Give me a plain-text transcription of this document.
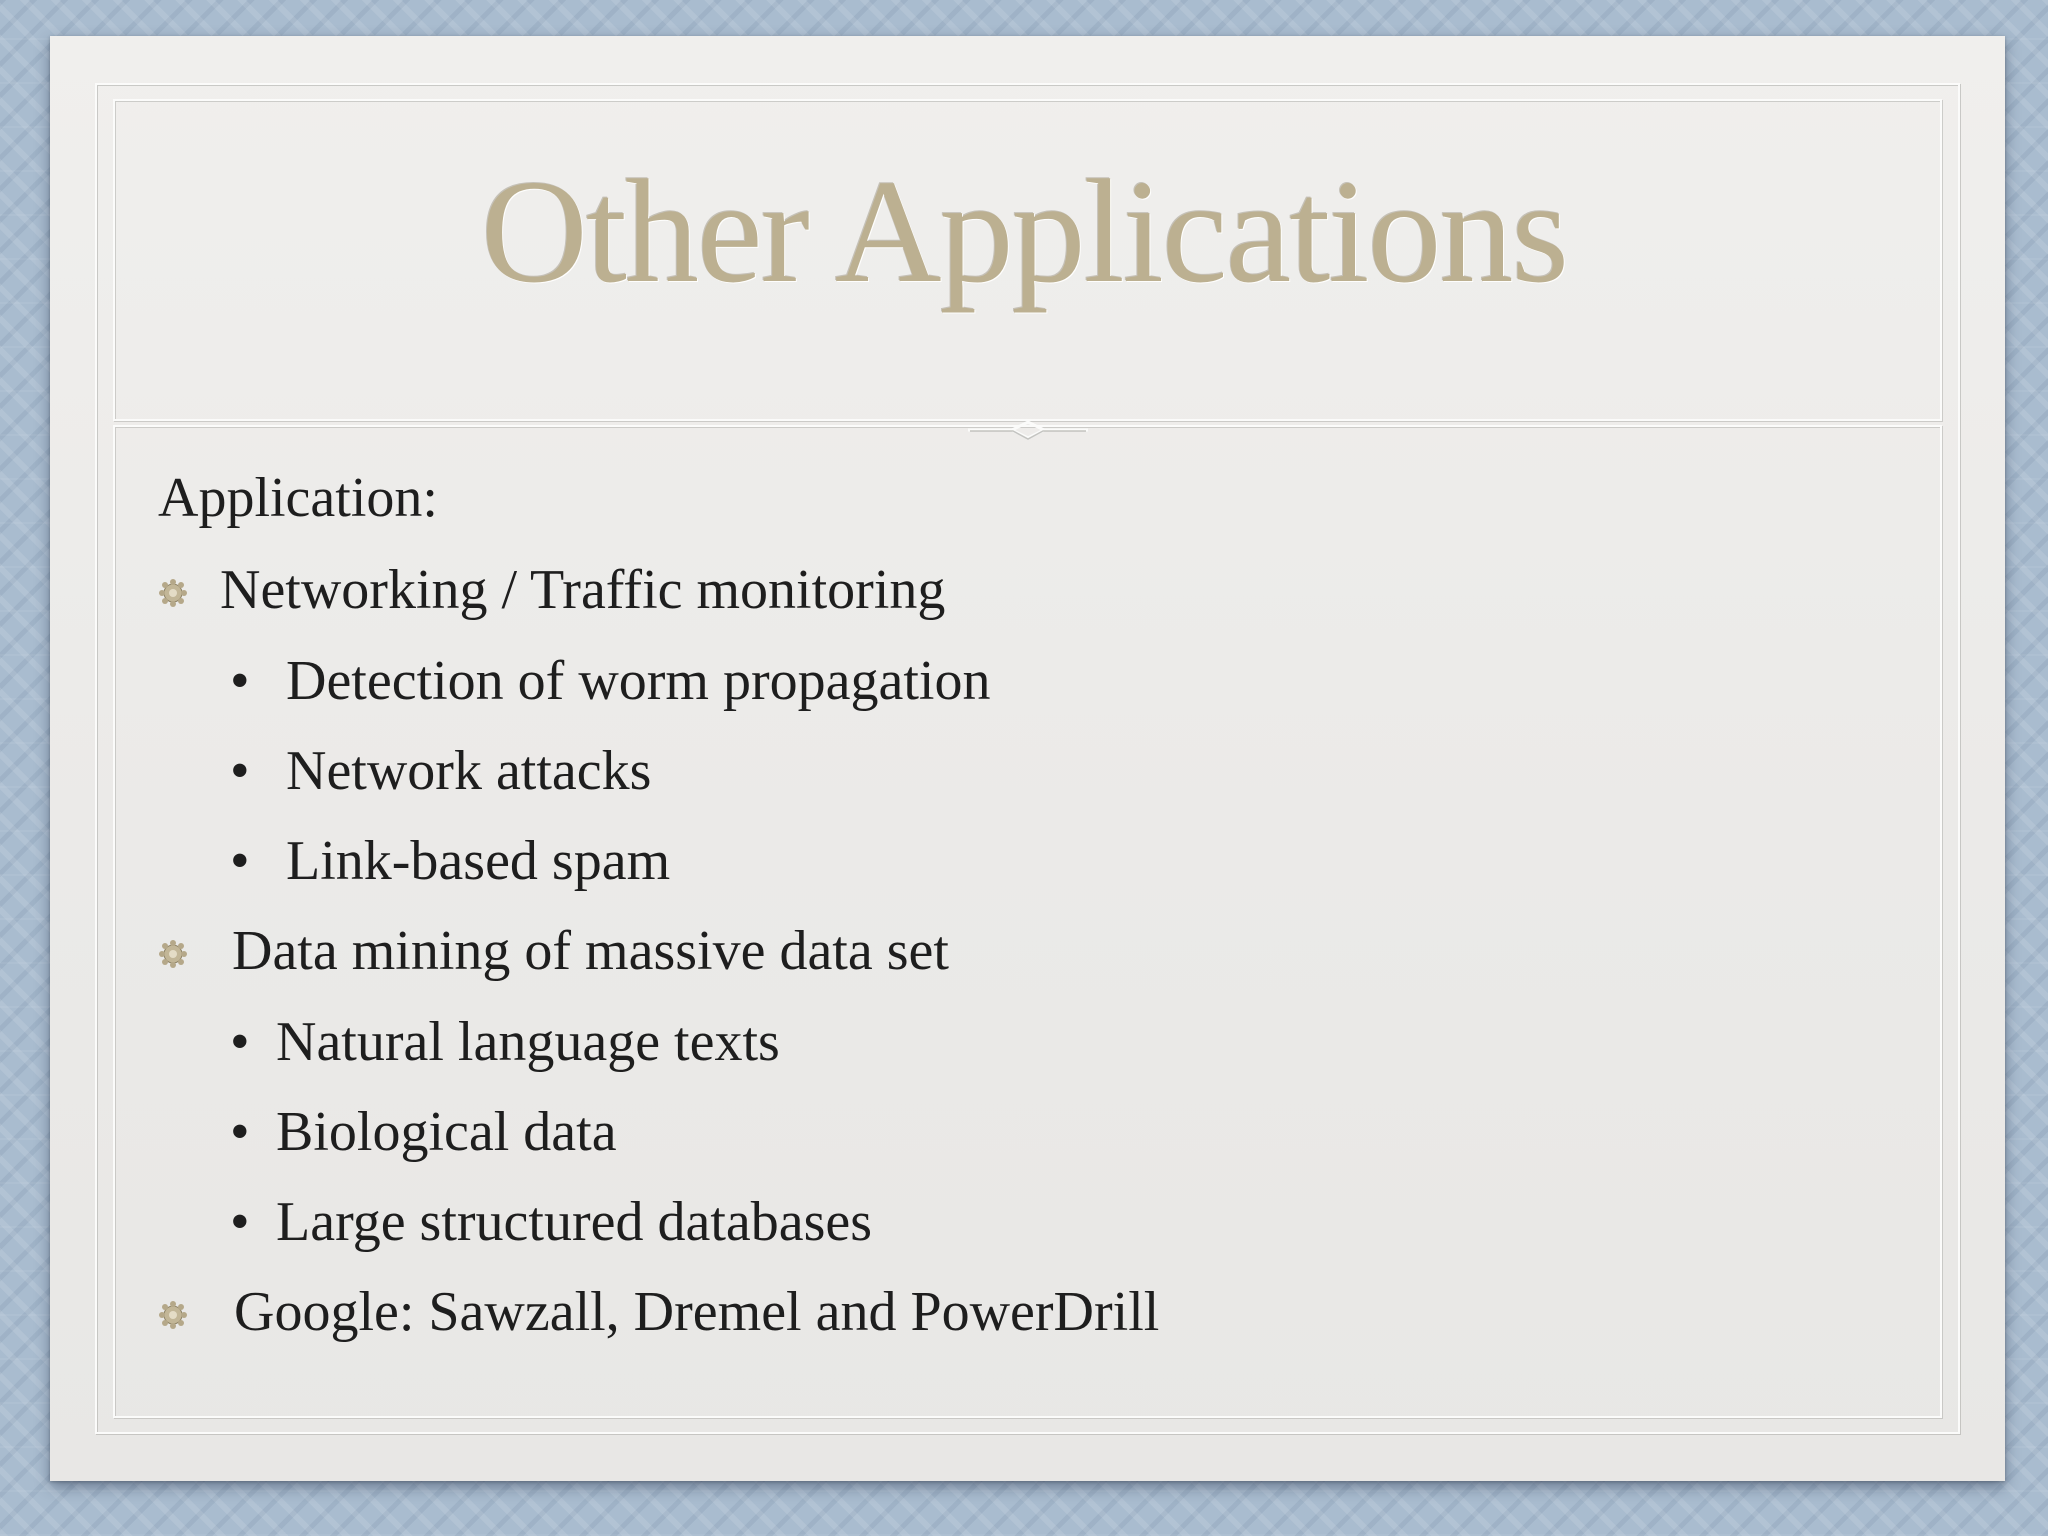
Other Applications
Application:
Networking / Traffic monitoring
• Detection of worm propagation
• Network attacks
• Link-based spam
Data mining of massive data set
• Natural language texts
• Biological data
• Large structured databases
Google: Sawzall, Dremel and PowerDrill
